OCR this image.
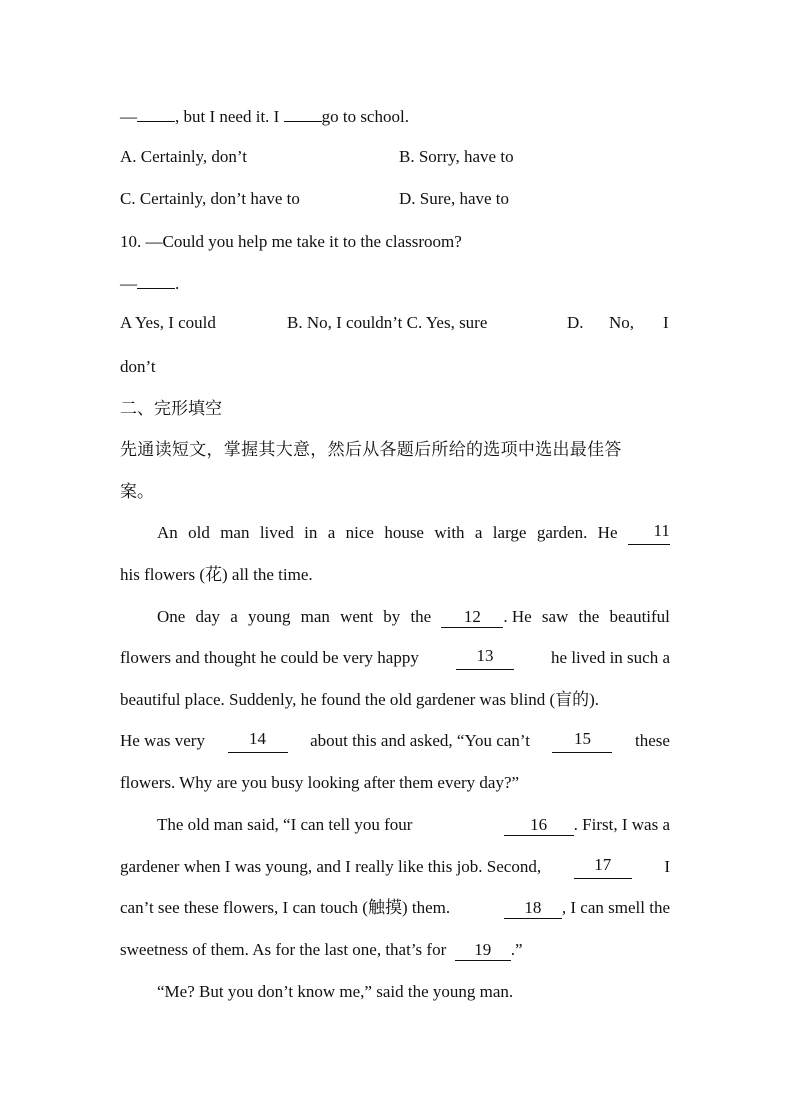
— , but I need it. I go to school.
A. Certainly, don’t	B. Sorry, have to
C. Certainly, don’t have to	D. Sure, have to
10. —Could you help me take it to the classroom?
— .
A Yes, I could	B. No, I couldn’t C. Yes, sure	D. No, I
don’t
二、完形填空
先通读短文，掌握其大意，然后从各题后所给的选项中选出最佳答
案。
An old man lived in a nice house with a large garden. He	11
his flowers (花) all the time.
One day a young man went by the	12 . He saw the beautiful
flowers and thought he could be very happy	13	he lived in such a
beautiful place. Suddenly, he found the old gardener was blind (盲的).
He was very	14	about this and asked, “You can’t	15	these
flowers. Why are you busy looking after them every day?”
The old man said, “I can tell you four	16 . First, I was a
gardener when I was young, and I really like this job. Second,	17	I
can’t see these flowers, I can touch (触摸) them.	18 , I can smell the
sweetness of them. As for the last one, that’s for 19 .”
“Me? But you don’t know me,” said the young man.
